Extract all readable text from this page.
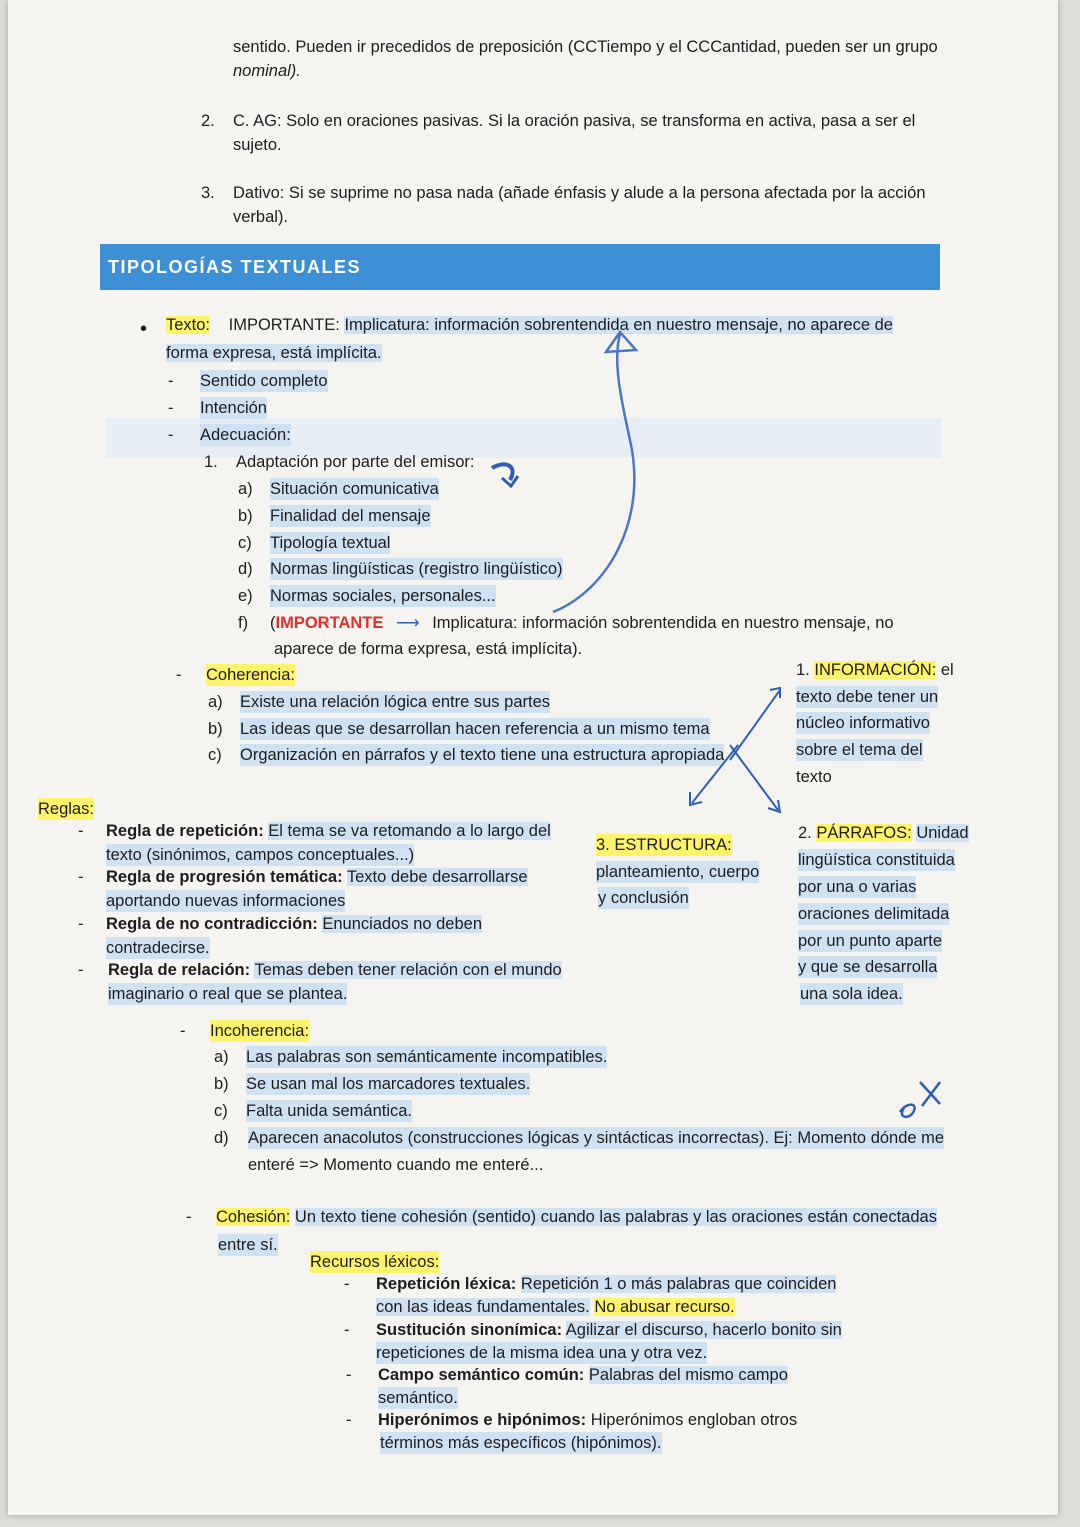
sentido. Pueden ir precedidos de preposición (CCTiempo y el CCCantidad, pueden ser un grupo
nominal).
2. C. AG: Solo en oraciones pasivas. Si la oración pasiva, se transforma en activa, pasa a ser el
sujeto.
3. Dativo: Si se suprime no pasa nada (añade énfasis y alude a la persona afectada por la acción
verbal).
TIPOLOGÍAS TEXTUALES
• Texto: IMPORTANTE: Implicatura: información sobrentendida en nuestro mensaje, no aparece de
forma expresa, está implícita.
- Sentido completo
- Intención
- Adecuación:
1. Adaptación por parte del emisor:
a) Situación comunicativa
b) Finalidad del mensaje
c) Tipología textual
d) Normas lingüísticas (registro lingüístico)
e) Normas sociales, personales...
f) (IMPORTANTE ⟶ Implicatura: información sobrentendida en nuestro mensaje, no
aparece de forma expresa, está implícita).
- Coherencia:
a) Existe una relación lógica entre sus partes
b) Las ideas que se desarrollan hacen referencia a un mismo tema
c) Organización en párrafos y el texto tiene una estructura apropiada
1. INFORMACIÓN: el
texto debe tener un
núcleo informativo
sobre el tema del
texto
Reglas:
- Regla de repetición: El tema se va retomando a lo largo del
texto (sinónimos, campos conceptuales...)
- Regla de progresión temática: Texto debe desarrollarse
aportando nuevas informaciones
- Regla de no contradicción: Enunciados no deben
contradecirse.
- Regla de relación: Temas deben tener relación con el mundo
imaginario o real que se plantea.
3. ESTRUCTURA:
planteamiento, cuerpo
y conclusión
2. PÁRRAFOS: Unidad
lingüística constituida
por una o varias
oraciones delimitada
por un punto aparte
y que se desarrolla
una sola idea.
- Incoherencia:
a) Las palabras son semánticamente incompatibles.
b) Se usan mal los marcadores textuales.
c) Falta unida semántica.
d) Aparecen anacolutos (construcciones lógicas y sintácticas incorrectas). Ej: Momento dónde me
enteré => Momento cuando me enteré...
- Cohesión: Un texto tiene cohesión (sentido) cuando las palabras y las oraciones están conectadas
entre sí.
Recursos léxicos:
- Repetición léxica: Repetición 1 o más palabras que coinciden
con las ideas fundamentales. No abusar recurso.
- Sustitución sinonímica: Agilizar el discurso, hacerlo bonito sin
repeticiones de la misma idea una y otra vez.
- Campo semántico común: Palabras del mismo campo
semántico.
- Hiperónimos e hipónimos: Hiperónimos engloban otros
términos más específicos (hipónimos).
